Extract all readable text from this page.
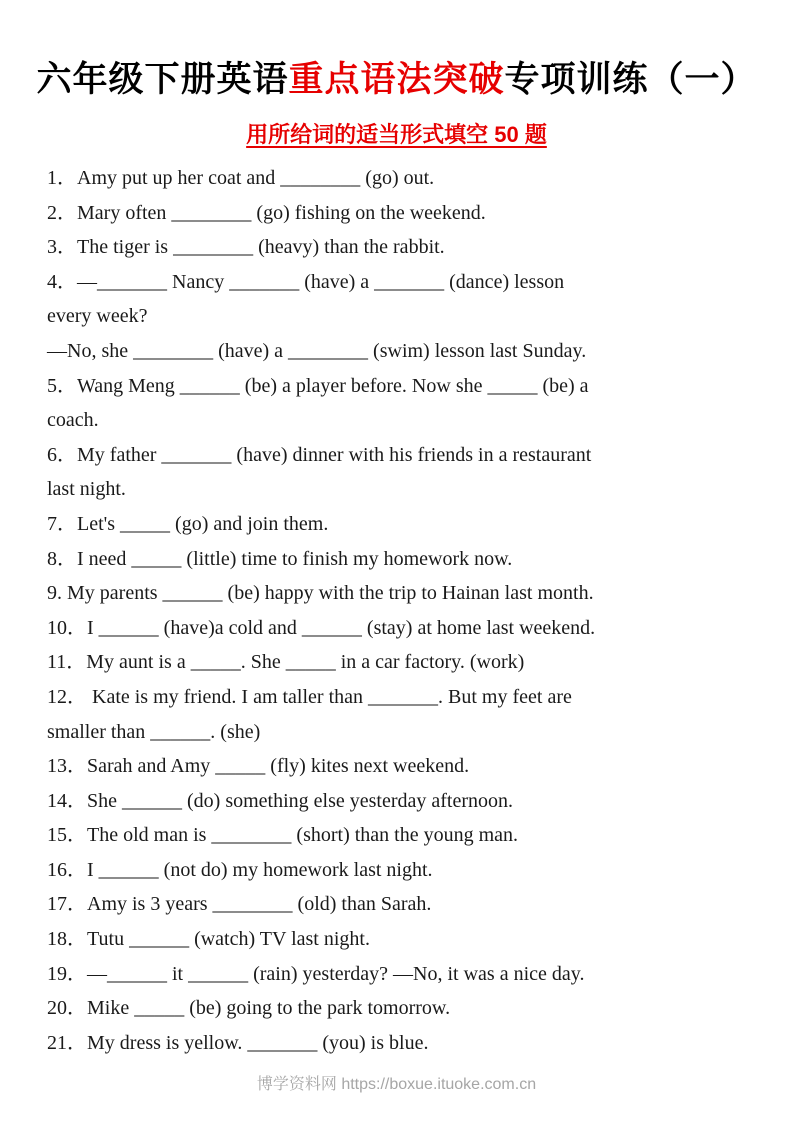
六年级下册英语重点语法突破专项训练（一）
用所给词的适当形式填空 50 题
1．Amy put up her coat and ________ (go) out.
2．Mary often ________ (go) fishing on the weekend.
3．The tiger is ________ (heavy) than the rabbit.
4．—_______ Nancy _______ (have) a _______ (dance) lesson
every week?
—No, she ________ (have) a ________ (swim) lesson last Sunday.
5．Wang Meng ______ (be) a player before. Now she _____ (be) a
coach.
6．My father _______ (have) dinner with his friends in a restaurant
last night.
7．Let's _____ (go) and join them.
8．I need _____ (little) time to finish my homework now.
9. My parents ______ (be) happy with the trip to Hainan last month.
10．I ______ (have)a cold and ______ (stay) at home last weekend.
11．My aunt is a _____. She _____ in a car factory. (work)
12． Kate is my friend. I am taller than _______. But my feet are
smaller than ______. (she)
13．Sarah and Amy _____ (fly) kites next weekend.
14．She ______ (do) something else yesterday afternoon.
15．The old man is ________ (short) than the young man.
16．I ______ (not do) my homework last night.
17．Amy is 3 years ________ (old) than Sarah.
18．Tutu ______ (watch) TV last night.
19．—______ it ______ (rain) yesterday? —No, it was a nice day.
20．Mike _____ (be) going to the park tomorrow.
21．My dress is yellow. _______ (you) is blue.
博学资料网 https://boxue.ituoke.com.cn
